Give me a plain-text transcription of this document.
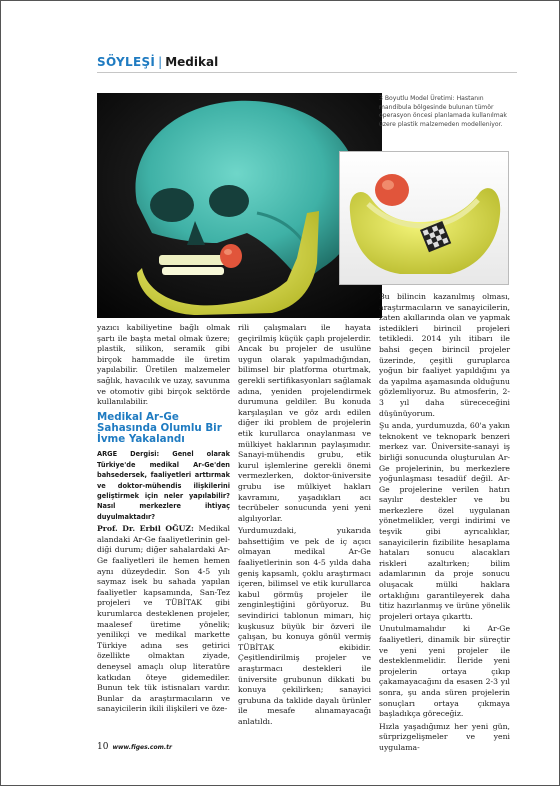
SÖYLEŞİ | Medikal

3 Boyutlu Model Üretimi: Hastanın mandibula bölgesinde bulunan tümör operasyon öncesi planlamada kullanılmak üzere plastik malzemeden modelleniyor.

yazıcı kabiliyetine bağlı olmak şartı ile başta metal olmak üzere; plastik, silikon, seramik gibi birçok hammadde ile üretim yapılabilir. Üretilen malzemeler sağlık, havacılık ve uzay, savunma ve otomotiv gibi birçok sektörde kullanılabilir.

Medikal Ar-Ge Sahasında Olumlu Bir İvme Yakalandı

ARGE Dergisi: Genel olarak Türkiye'de medikal Ar-Ge'den bahsedersek, faaliyetleri arttırmak ve doktor-mühendis ilişkilerini geliştirmek için neler yapılabilir? Nasıl merkezlere ihtiyaç duyulmaktadır?

Prof. Dr. Erbil OĞUZ: Medikal alandaki Ar-Ge faaliyetlerinin gel-diği durum; diğer sahalardaki Ar-Ge faaliyetleri ile hemen hemen aynı düzeydedir. Son 4-5 yılı saymaz isek bu sahada yapılan faaliyetler kapsamında, San-Tez projeleri ve TÜBİTAK gibi kurumlarca desteklenen projeler, maalesef üretime yönelik; yenilikçi ve medikal markette Türkiye adına ses getirici özellikte olmaktan ziyade, deneysel amaçlı olup literatüre katkıdan öteye gidemediler. Bunun tek tük istisnaları vardır. Bunlar da araştırmacıların ve sanayicilerin ikili ilişkileri ve öze-

rili çalışmaları ile hayata geçirilmiş küçük çaplı projelerdir. Ancak bu projeler de usulüne uygun olarak yapılmadığından, bilimsel bir platforma oturtmak, gerekli sertifikasyonları sağlamak adına, yeniden projelendirmek durumuna geldiler. Bu konuda karşılaşılan ve göz ardı edilen diğer iki problem de projelerin etik kurullarca onaylanması ve mülkiyet haklarının paylaşımıdır. Sanayi-mühendis grubu, etik kurul işlemlerine gerekli önemi vermezlerken, doktor-üniversite grubu ise mülkiyet hakları kavramını, yaşadıkları acı tecrübeler sonucunda yeni yeni algılıyorlar.

Yurdumuzdaki, yukarıda bahsettiğim ve pek de iç açıcı olmayan medikal Ar-Ge faaliyetlerinin son 4-5 yılda daha geniş kapsamlı, çoklu araştırmacı içeren, bilimsel ve etik kurullarca kabul görmüş projeler ile zenginleştiğini görüyoruz. Bu sevindirici tablonun mimarı, hiç kuşkusuz büyük bir özveri ile çalışan, bu konuya gönül vermiş TÜBİTAK ekibidir. Çeşitlendirilmiş projeler ve araştırmacı destekleri ile üniversite grubunun dikkati bu konuya çekilirken; sanayici grubuna da taklide dayalı ürünler ile mesafe alınamayacağı anlatıldı.

Bu bilincin kazanılmış olması, araştırmacıların ve sanayicilerin, zaten akıllarında olan ve yapmak istedikleri birincil projeleri tetikledi. 2014 yılı itibarı ile bahsi geçen birincil projeler üzerinde, çeşitli guruplarca yoğun bir faaliyet yapıldığını ya da yapılma aşamasında olduğunu gözlemliyoruz. Bu atmosferin, 2-3 yıl daha sürececeğini düşünüyorum.

Şu anda, yurdumuzda, 60'a yakın teknokent ve teknopark benzeri merkez var. Üniversite-sanayi iş birliği sonucunda oluşturulan Ar-Ge projelerinin, bu merkezlere yoğunlaşması tesadüf değil. Ar-Ge projelerine verilen hatırı sayılır destekler ve bu merkezlere özel uygulanan yönetmelikler, vergi indirimi ve teşvik gibi ayrıcalıklar, sanayicilerin fizibilite hesaplama hataları sonucu alacakları riskleri azaltırken; bilim adamlarının da proje sonucu oluşacak mülki haklara ortaklığını garantileyerek daha titiz hazırlanmış ve ürüne yönelik projeleri ortaya çıkarttı.

Unutulmamalıdır ki Ar-Ge faaliyetleri, dinamik bir süreçtir ve yeni yeni projeler ile desteklenmelidir. İleride yeni projelerin ortaya çıkıp çakamayacağını da esasen 2-3 yıl sonra, şu anda süren projelerin sonuçları ortaya çıkmaya başladıkça göreceğiz.

Hızla yaşadığımız her yeni gün, sürprizgelişmeler ve yeni uygulama-

10 www.figes.com.tr
